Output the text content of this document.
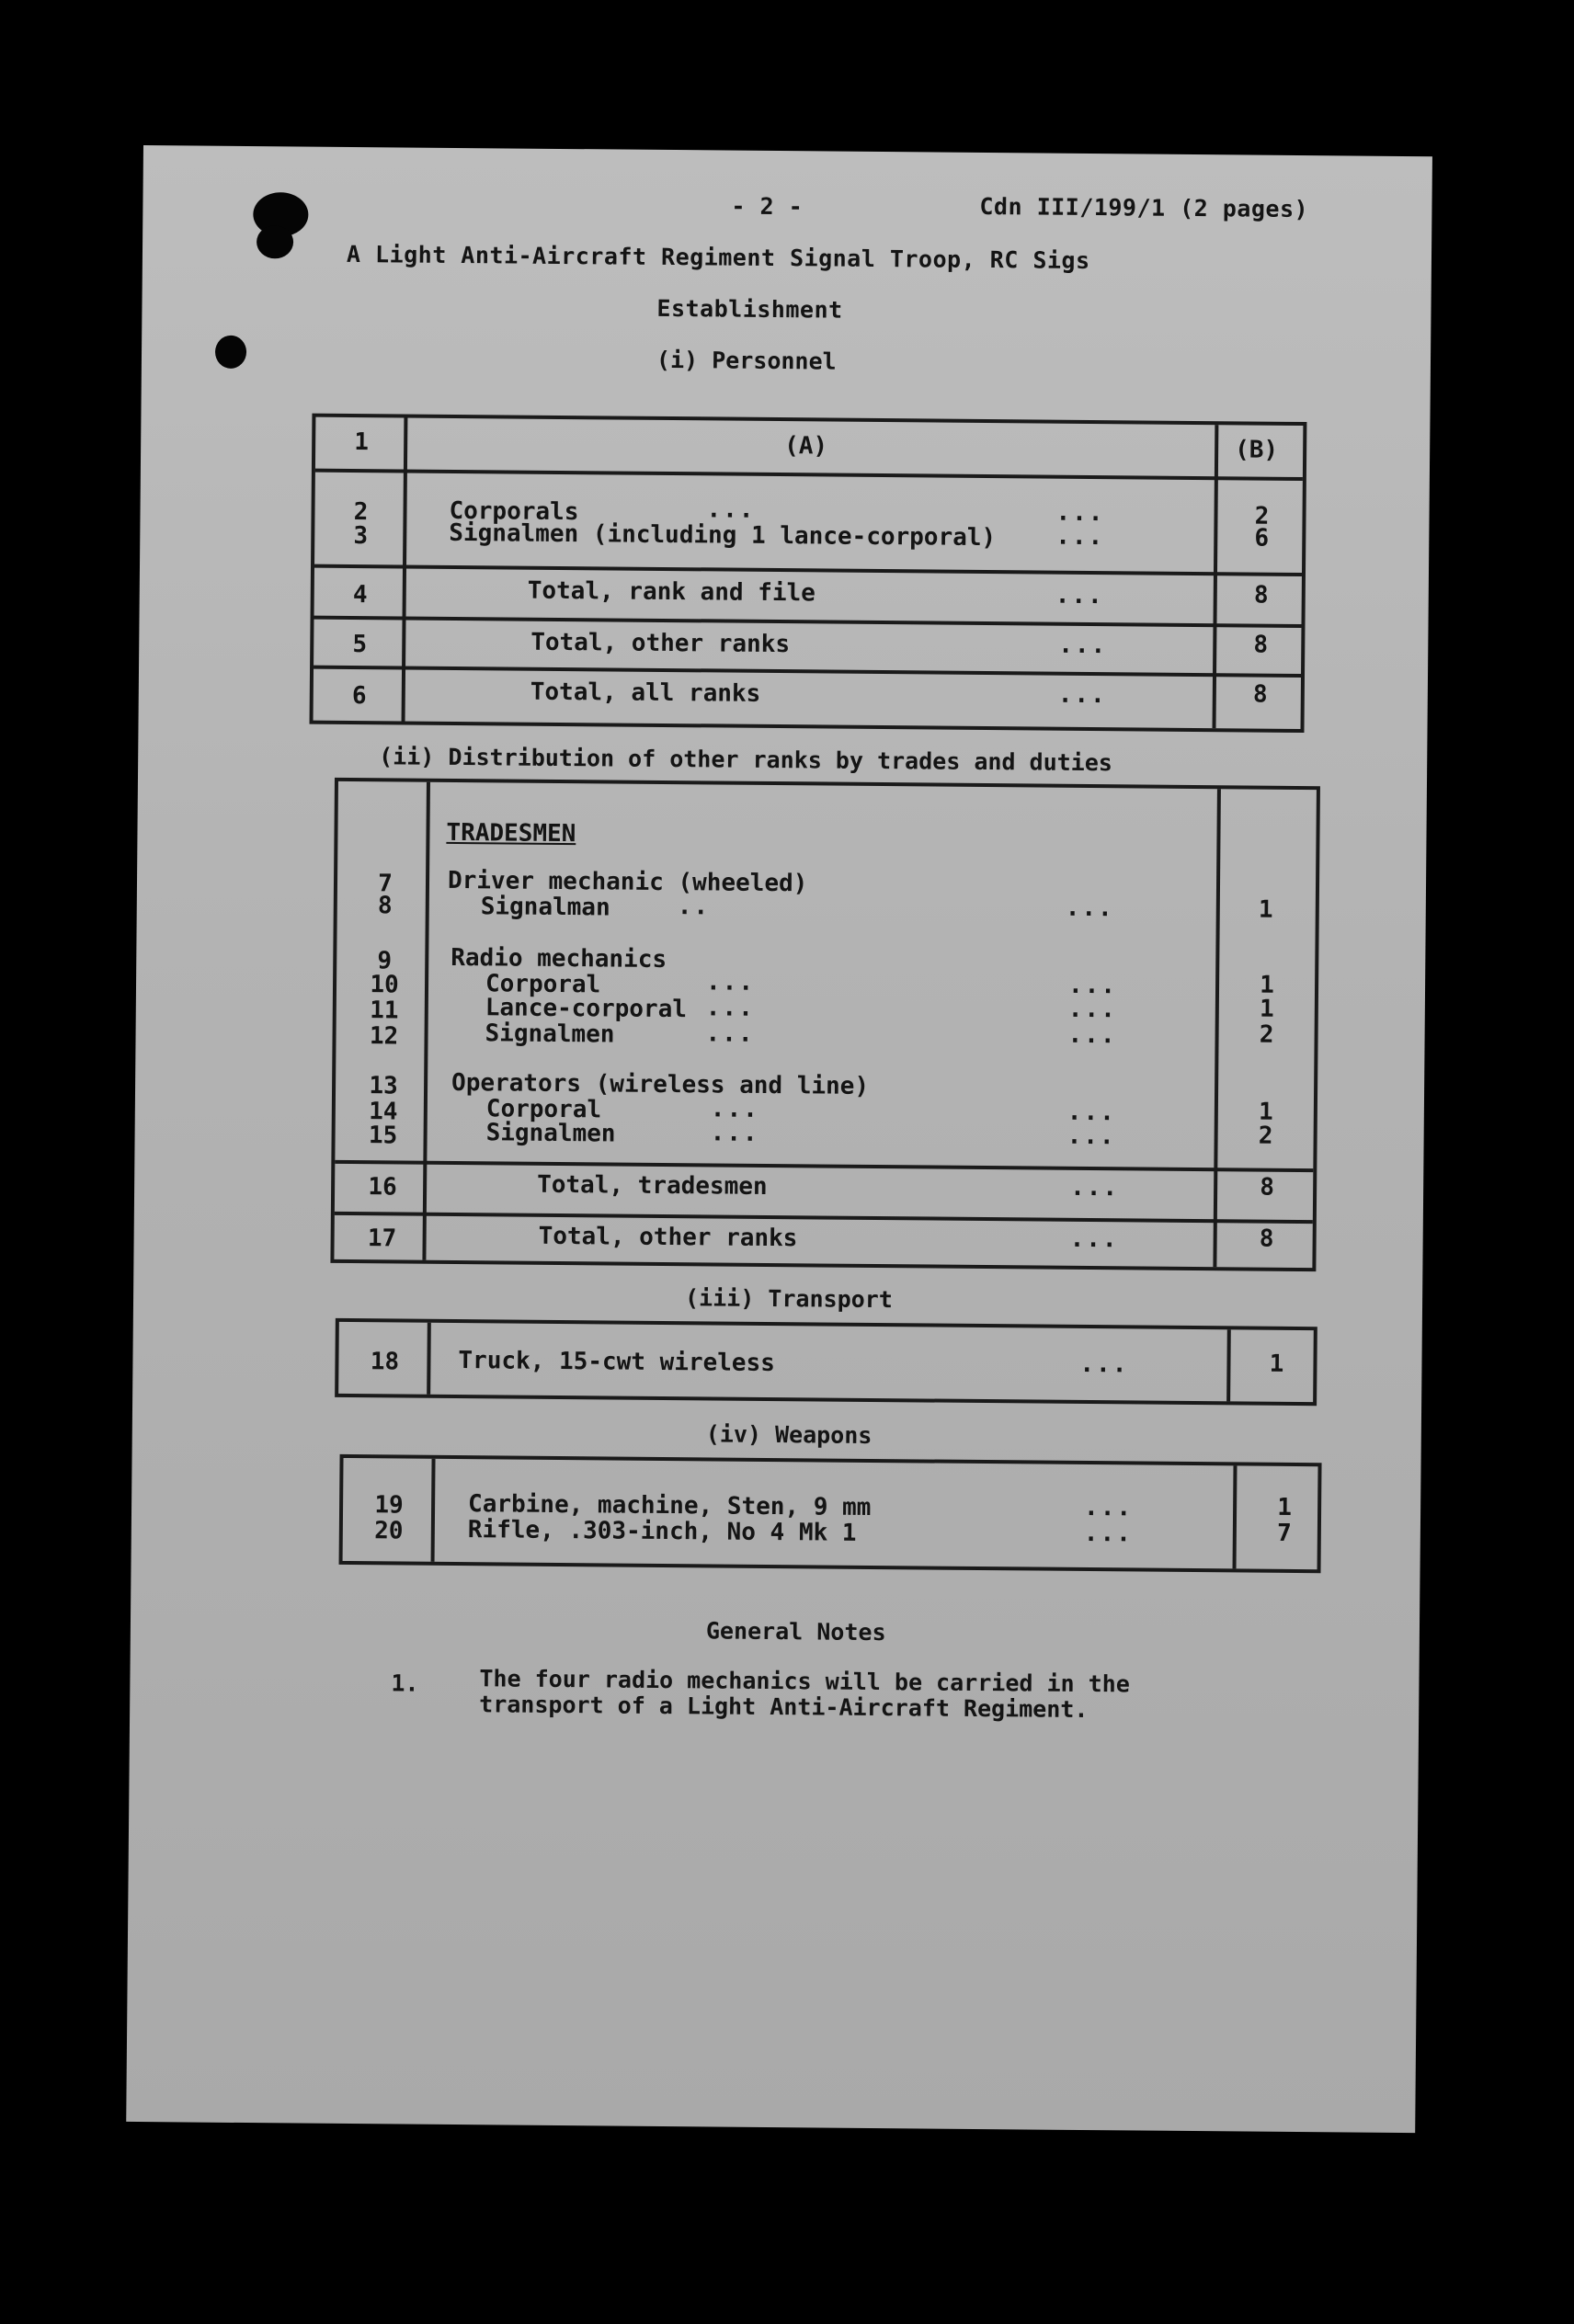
- 2 -	Cdn III/199/1 (2 pages)
A Light Anti-Aircraft Regiment Signal Troop, RC Sigs
Establishment
(i) Personnel
1	(A)	(B)
2	Corporals	...	...	2
3	Signalmen (including 1 lance-corporal) ...	6
4	Total, rank and file	...	8
5	Total, other ranks	...	8
6	Total, all ranks	...	8
(ii) Distribution of other ranks by trades and duties
TRADESMEN
7	Driver mechanic (wheeled)
8	Signalman	..	...	1
9	Radio mechanics
10	Corporal	...	...	1
11	Lance-corporal ...	...	1
12	Signalmen	...	...	2
13	Operators (wireless and line)
14	Corporal	...	...	1
15	Signalmen	...	...	2
16	Total, tradesmen	...	8
17	Total, other ranks	...	8
(iii) Transport
18	Truck, 15-cwt wireless	...	1
(iv) Weapons
19	Carbine, machine, Sten, 9 mm	...	1
20	Rifle, .303-inch, No 4 Mk 1	...	7
General Notes
1.	The four radio mechanics will be carried in the
transport of a Light Anti-Aircraft Regiment.
